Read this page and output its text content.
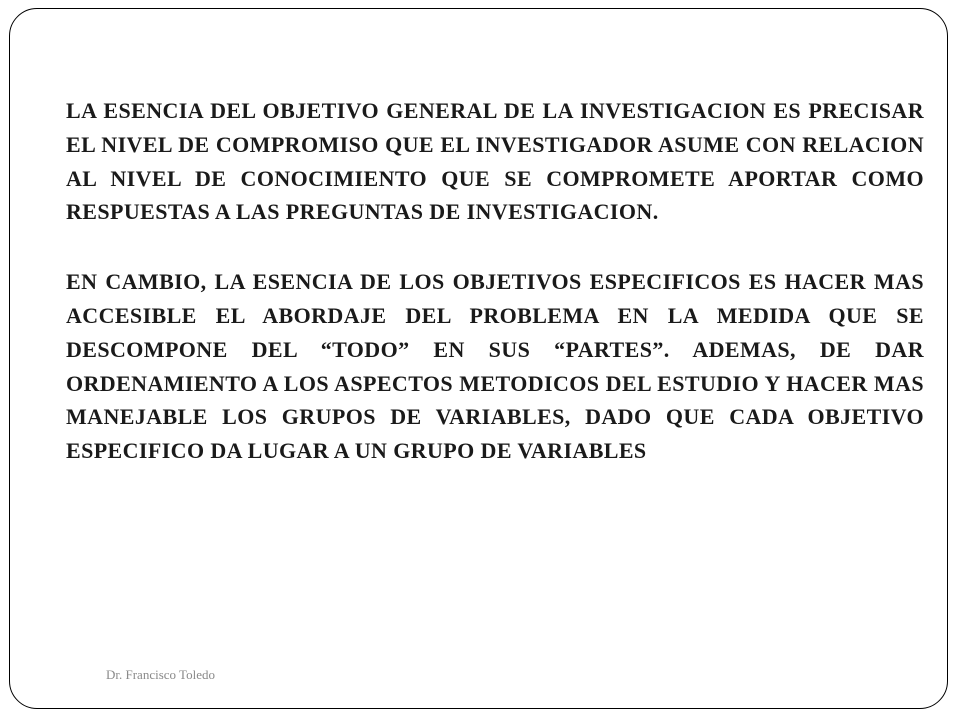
LA ESENCIA DEL OBJETIVO GENERAL DE LA INVESTIGACION ES PRECISAR EL NIVEL DE COMPROMISO QUE EL INVESTIGADOR ASUME CON RELACION AL NIVEL DE CONOCIMIENTO QUE SE COMPROMETE APORTAR COMO RESPUESTAS A LAS PREGUNTAS DE INVESTIGACION.

EN CAMBIO, LA ESENCIA DE LOS OBJETIVOS ESPECIFICOS ES HACER MAS ACCESIBLE EL ABORDAJE DEL PROBLEMA EN LA MEDIDA QUE SE DESCOMPONE DEL “TODO” EN SUS “PARTES”. ADEMAS, DE DAR ORDENAMIENTO A LOS ASPECTOS METODICOS DEL ESTUDIO Y HACER MAS MANEJABLE LOS GRUPOS DE VARIABLES, DADO QUE CADA OBJETIVO ESPECIFICO DA LUGAR A UN GRUPO DE VARIABLES

Dr. Francisco Toledo
